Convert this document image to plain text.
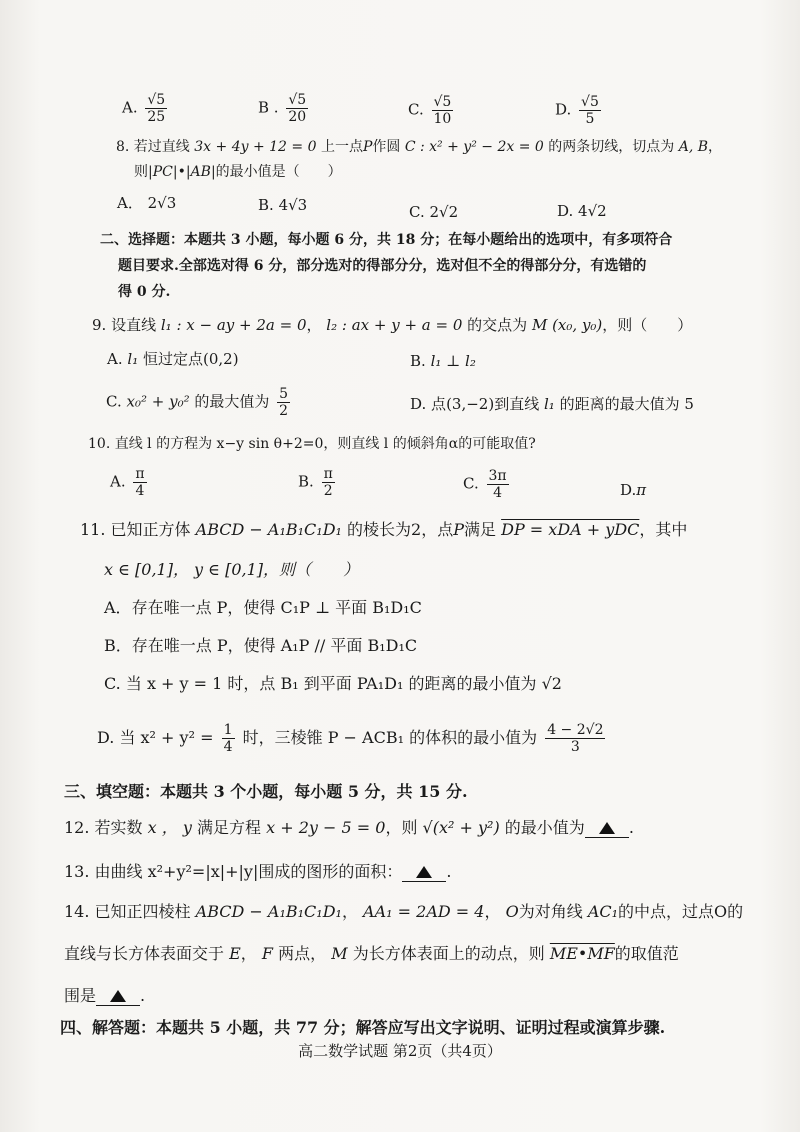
A. $\frac{√5}{25}$	B . $\frac{√5}{20}$	C. $\frac{√5}{10}$	D. $\frac{√5}{5}$
8. 若过直线 3x + 4y + 12 = 0 上一点P作圆 C : x² + y² − 2x = 0 的两条切线，切点为 A, B，
则|PC|•|AB|的最小值是（　　）
A． 2√3	B. 4√3	C. 2√2	D. 4√2
二、选择题：本题共 3 小题，每小题 6 分，共 18 分；在每小题给出的选项中，有多项符合
题目要求.全部选对得 6 分，部分选对的得部分分，选对但不全的得部分分，有选错的
得 0 分.
9. 设直线 l₁ : x − ay + 2a = 0， l₂ : ax + y + a = 0 的交点为 M (x₀, y₀)，则（　　）
A. l₁ 恒过定点(0,2)	B. l₁ ⊥ l₂
C. x₀² + y₀² 的最大值为 $\frac{5}{2}$	D. 点(3,−2)到直线 l₁ 的距离的最大值为 5
10. 直线 l 的方程为 x−y sin θ+2=0，则直线 l 的倾斜角α的可能取值?
A. $\frac{\pi}{4}$	B. $\frac{\pi}{2}$	C. $\frac{3\pi}{4}$	D.π
11. 已知正方体 ABCD − A₁B₁C₁D₁ 的棱长为2，点P满足 DP = xDA + yDC，其中
x ∈ [0,1]， y ∈ [0,1]，则（　　）
A．存在唯一点 P，使得 C₁P ⊥ 平面 B₁D₁C
B．存在唯一点 P，使得 A₁P // 平面 B₁D₁C
C. 当 x + y = 1 时，点 B₁ 到平面 PA₁D₁ 的距离的最小值为 √2
D. 当 $x^2 + y^2 = \frac{1}{4}$ 时，三棱锥 P − ACB₁ 的体积的最小值为 $\frac{4 - 2√2}{3}$
三、填空题：本题共 3 个小题，每小题 5 分，共 15 分.
12. 若实数 x ， y 满足方程 x + 2y − 5 = 0，则 √(x² + y²) 的最小值为	.
13. 由曲线 x²+y²=|x|+|y|围成的图形的面积：	.
14. 已知正四棱柱 ABCD − A₁B₁C₁D₁， AA₁ = 2AD = 4， O为对角线 AC₁的中点，过点O的
直线与长方体表面交于 E， F 两点， M 为长方体表面上的动点，则 ME•MF的取值范
围是	.
四、解答题：本题共 5 小题，共 77 分；解答应写出文字说明、证明过程或演算步骤.
高二数学试题 第2页（共4页）
